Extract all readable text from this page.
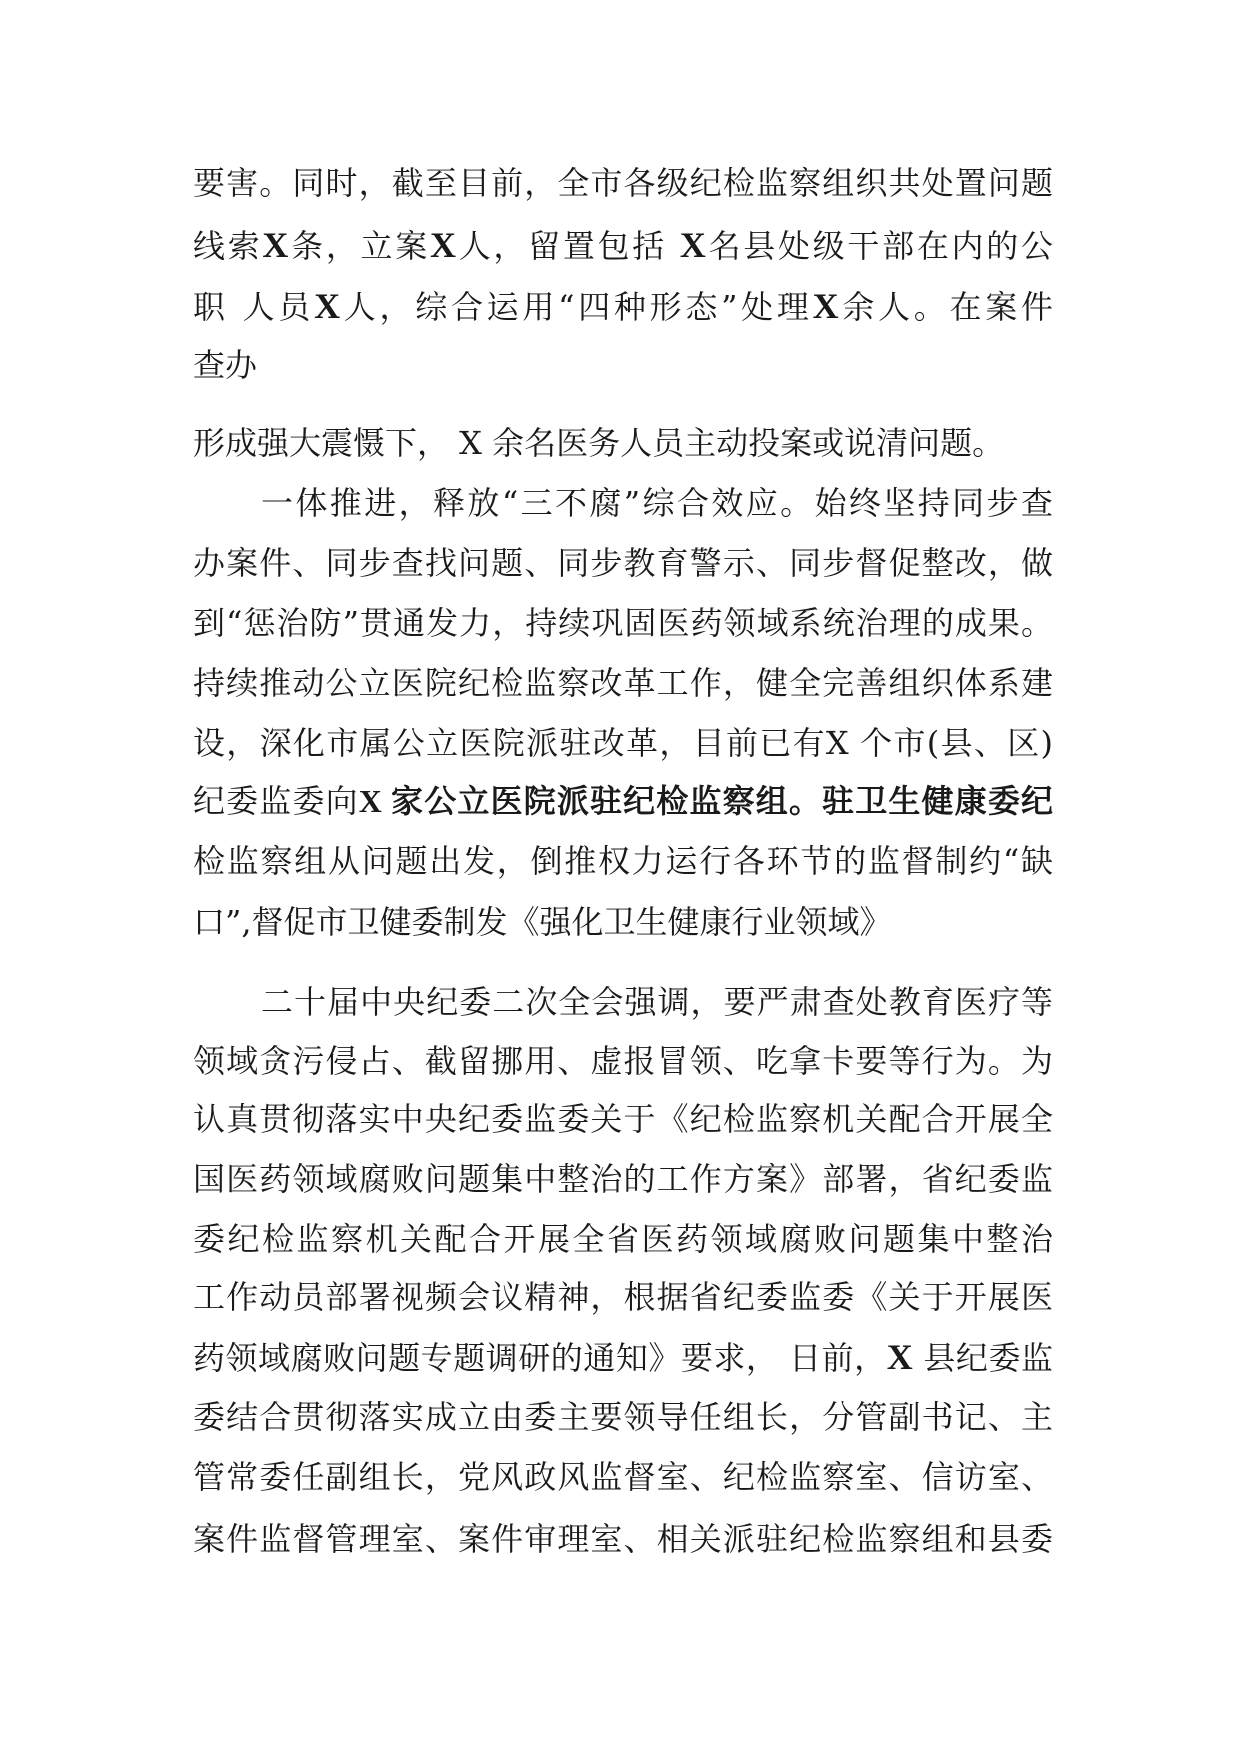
要害。同时，截至目前，全市各级纪检监察组织共处置问题
线索X条，立案X人，留置包括 X名县处级干部在内的公
职 人员X人，综合运用“四种形态”处理X余人。在案件
查办
形成强大震慑下， X 余名医务人员主动投案或说清问题。
一体推进，释放“三不腐”综合效应。始终坚持同步查
办案件、同步查找问题、同步教育警示、同步督促整改，做
到“惩治防”贯通发力，持续巩固医药领域系统治理的成果。
持续推动公立医院纪检监察改革工作，健全完善组织体系建
设，深化市属公立医院派驻改革，目前已有X 个市(县、区)
纪委监委向X 家公立医院派驻纪检监察组。驻卫生健康委纪
检监察组从问题出发，倒推权力运行各环节的监督制约“缺
口”,督促市卫健委制发《强化卫生健康行业领域》
二十届中央纪委二次全会强调，要严肃查处教育医疗等
领域贪污侵占、截留挪用、虚报冒领、吃拿卡要等行为。为
认真贯彻落实中央纪委监委关于《纪检监察机关配合开展全
国医药领域腐败问题集中整治的工作方案》部署，省纪委监
委纪检监察机关配合开展全省医药领域腐败问题集中整治
工作动员部署视频会议精神，根据省纪委监委《关于开展医
药领域腐败问题专题调研的通知》要求， 日前，X 县纪委监
委结合贯彻落实成立由委主要领导任组长，分管副书记、主
管常委任副组长，党风政风监督室、纪检监察室、信访室、
案件监督管理室、案件审理室、相关派驻纪检监察组和县委
